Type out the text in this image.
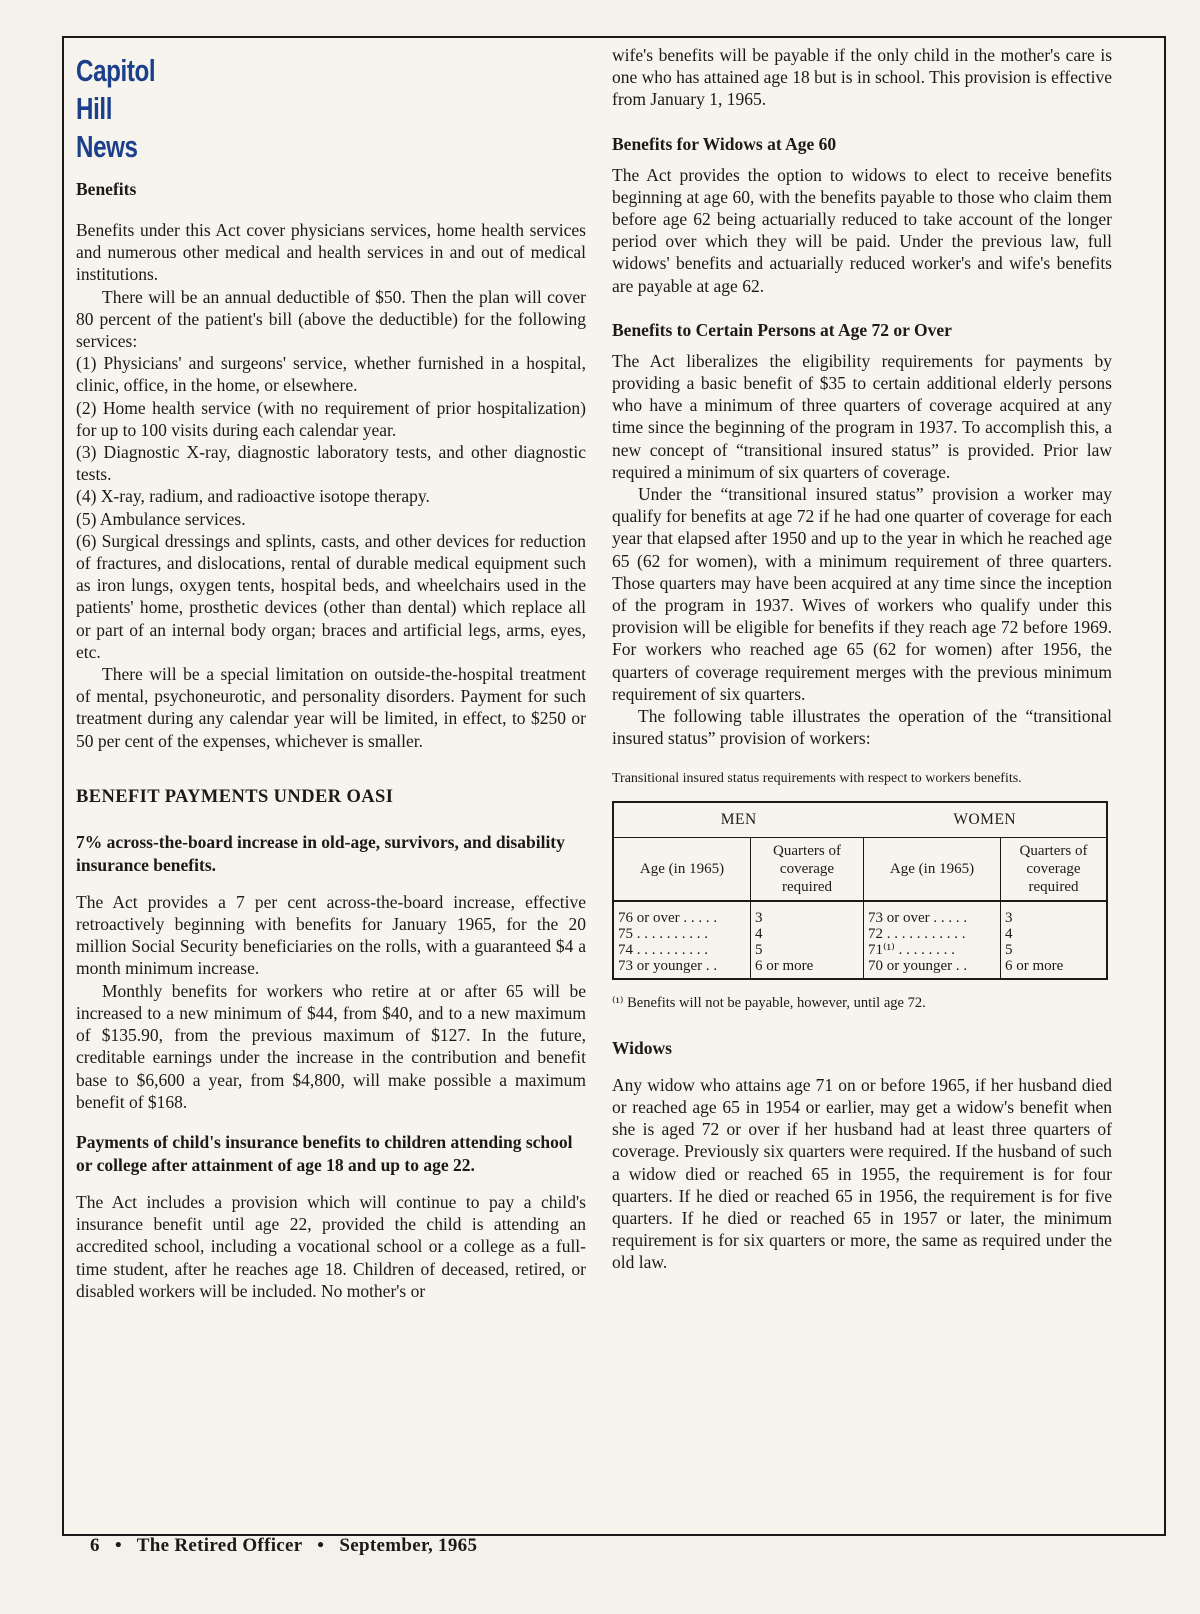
Capitol
Hill
News
Benefits

Benefits under this Act cover physicians services, home health services and numerous other medical and health services in and out of medical institutions.

There will be an annual deductible of $50. Then the plan will cover 80 percent of the patient's bill (above the deductible) for the following services:

(1) Physicians' and surgeons' service, whether furnished in a hospital, clinic, office, in the home, or elsewhere.

(2) Home health service (with no requirement of prior hospitalization) for up to 100 visits during each calendar year.

(3) Diagnostic X-ray, diagnostic laboratory tests, and other diagnostic tests.

(4) X-ray, radium, and radioactive isotope therapy.

(5) Ambulance services.

(6) Surgical dressings and splints, casts, and other devices for reduction of fractures, and dislocations, rental of durable medical equipment such as iron lungs, oxygen tents, hospital beds, and wheelchairs used in the patients' home, prosthetic devices (other than dental) which replace all or part of an internal body organ; braces and artificial legs, arms, eyes, etc.

There will be a special limitation on outside-the-hospital treatment of mental, psychoneurotic, and personality disorders. Payment for such treatment during any calendar year will be limited, in effect, to $250 or 50 per cent of the expenses, whichever is smaller.

BENEFIT PAYMENTS UNDER OASI
7% across-the-board increase in old-age, survivors, and disability insurance benefits.

The Act provides a 7 per cent across-the-board increase, effective retroactively beginning with benefits for January 1965, for the 20 million Social Security beneficiaries on the rolls, with a guaranteed $4 a month minimum increase.

Monthly benefits for workers who retire at or after 65 will be increased to a new minimum of $44, from $40, and to a new maximum of $135.90, from the previous maximum of $127. In the future, creditable earnings under the increase in the contribution and benefit base to $6,600 a year, from $4,800, will make possible a maximum benefit of $168.

Payments of child's insurance benefits to children attending school or college after attainment of age 18 and up to age 22.

The Act includes a provision which will continue to pay a child's insurance benefit until age 22, provided the child is attending an accredited school, including a vocational school or a college as a full-time student, after he reaches age 18. Children of deceased, retired, or disabled workers will be included. No mother's or

wife's benefits will be payable if the only child in the mother's care is one who has attained age 18 but is in school. This provision is effective from January 1, 1965.

Benefits for Widows at Age 60

The Act provides the option to widows to elect to receive benefits beginning at age 60, with the benefits payable to those who claim them before age 62 being actuarially reduced to take account of the longer period over which they will be paid. Under the previous law, full widows' benefits and actuarially reduced worker's and wife's benefits are payable at age 62.

Benefits to Certain Persons at Age 72 or Over

The Act liberalizes the eligibility requirements for payments by providing a basic benefit of $35 to certain additional elderly persons who have a minimum of three quarters of coverage acquired at any time since the beginning of the program in 1937. To accomplish this, a new concept of “transitional insured status” is provided. Prior law required a minimum of six quarters of coverage.

Under the “transitional insured status” provision a worker may qualify for benefits at age 72 if he had one quarter of coverage for each year that elapsed after 1950 and up to the year in which he reached age 65 (62 for women), with a minimum requirement of three quarters. Those quarters may have been acquired at any time since the inception of the program in 1937. Wives of workers who qualify under this provision will be eligible for benefits if they reach age 72 before 1969. For workers who reached age 65 (62 for women) after 1956, the quarters of coverage requirement merges with the previous minimum requirement of six quarters.

The following table illustrates the operation of the “transitional insured status” provision of workers:

Transitional insured status requirements with respect to workers benefits.

MEN		WOMEN	
Age (in 1965)	Quarters of coverage required	Age (in 1965)	Quarters of coverage required
76 or over . . . . .	3	73 or over . . . . .	3
75 . . . . . . . . . .	4	72 . . . . . . . . . . .	4
74 . . . . . . . . . .	5	71⁽¹⁾ . . . . . . . .	5
73 or younger . .	6 or more	70 or younger . .	6 or more

⁽¹⁾ Benefits will not be payable, however, until age 72.

Widows

Any widow who attains age 71 on or before 1965, if her husband died or reached age 65 in 1954 or earlier, may get a widow's benefit when she is aged 72 or over if her husband had at least three quarters of coverage. Previously six quarters were required. If the husband of such a widow died or reached 65 in 1955, the requirement is for four quarters. If he died or reached 65 in 1956, the requirement is for five quarters. If he died or reached 65 in 1957 or later, the minimum requirement is for six quarters or more, the same as required under the old law.

6 • The Retired Officer • September, 1965
